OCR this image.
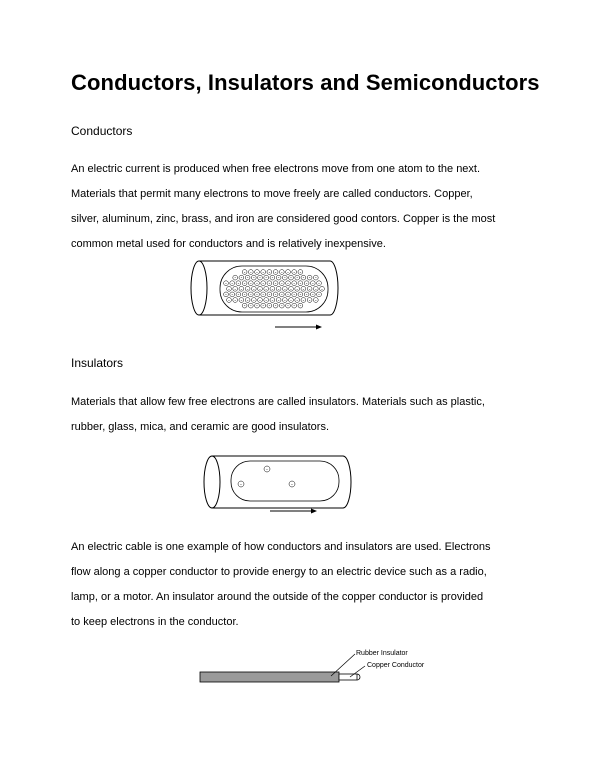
Conductors, Insulators and Semiconductors
Conductors

An electric current is produced when free electrons move from one atom to the next.
Materials that permit many electrons to move freely are called conductors. Copper,
silver, aluminum, zinc, brass, and iron are considered good contors. Copper is the most
common metal used for conductors and is relatively inexpensive.

- - - - - - - - - -
- - - - - - - - - - - - - -
- - - - - - - - - - - - - - - -
- - - - - - - - - - - - - - - -
- - - - - - - - - - - - - - - -
- - - - - - - - - - - - - - -
- - - - - - - - - -
Insulators

Materials that allow few free electrons are called insulators. Materials such as plastic,
rubber, glass, mica, and ceramic are good insulators.

-
-	-

An electric cable is one example of how conductors and insulators are used. Electrons
flow along a copper conductor to provide energy to an electric device such as a radio,
lamp, or a motor. An insulator around the outside of the copper conductor is provided
to keep electrons in the conductor.

Rubber Insulator
Copper Conductor
